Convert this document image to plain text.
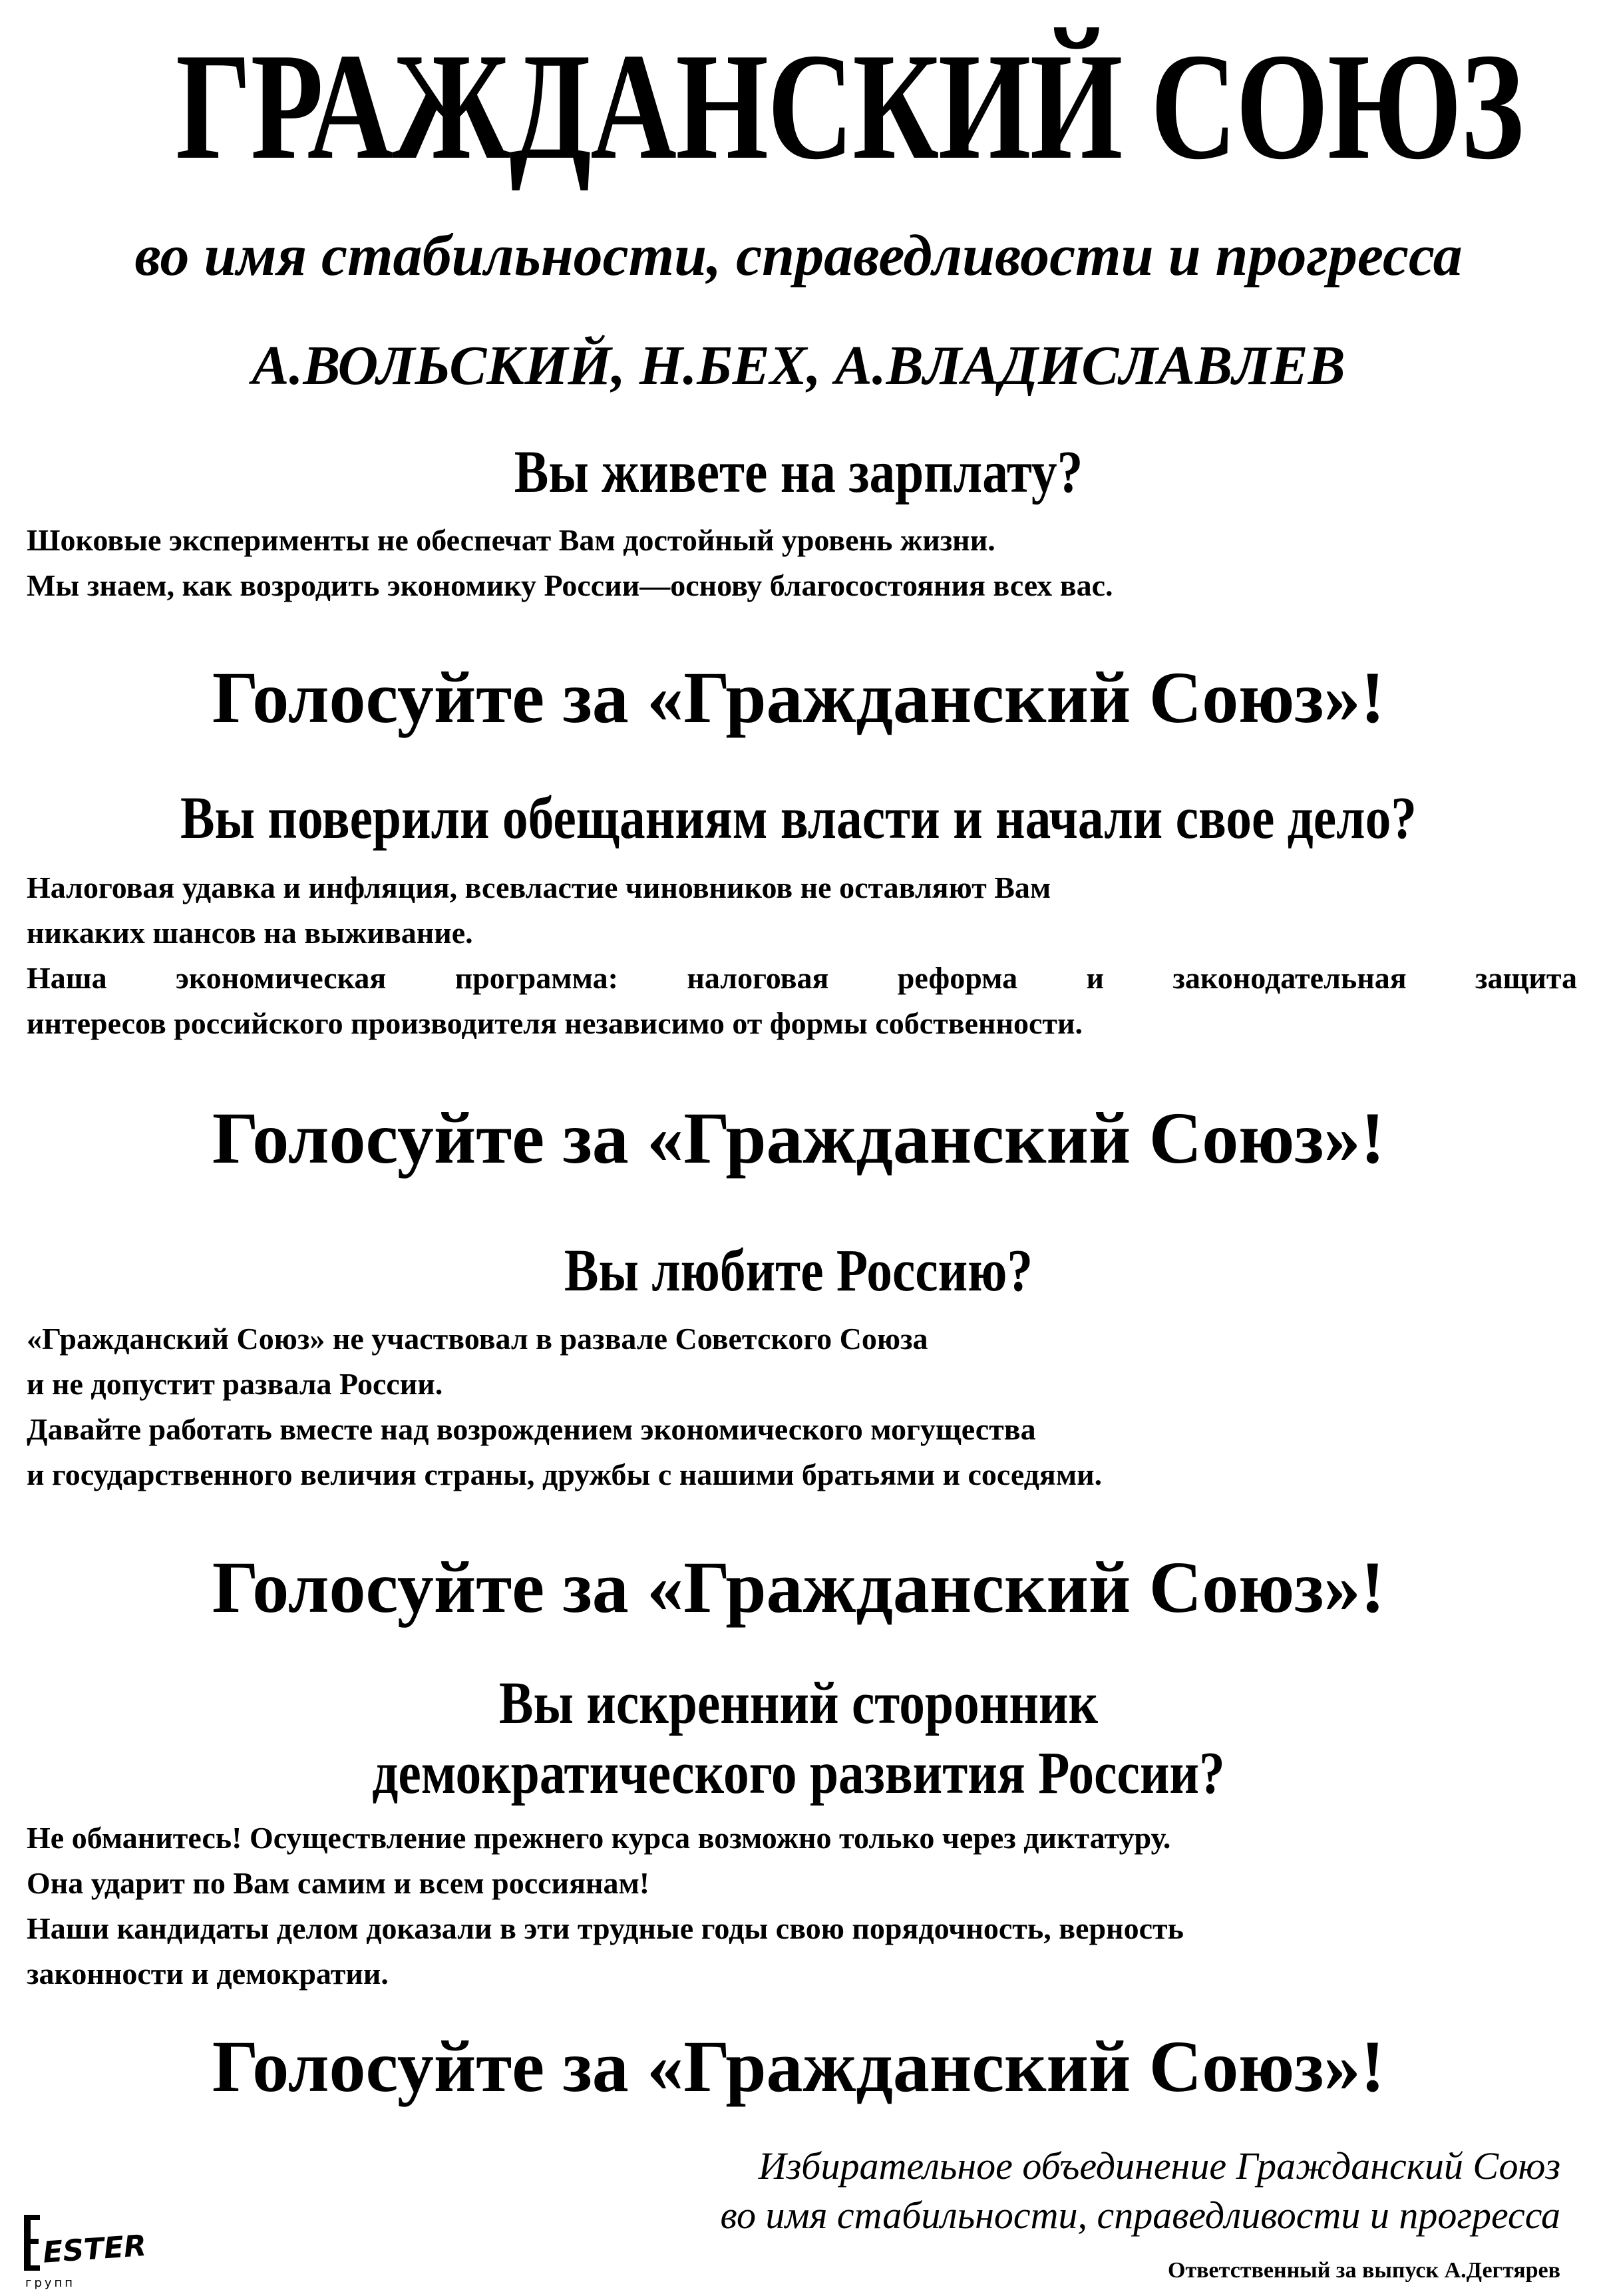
ГРАЖДАНСКИЙ СОЮЗ
во имя стабильности, справедливости и прогресса
А.ВОЛЬСКИЙ, Н.БЕХ, А.ВЛАДИСЛАВЛЕВ
Вы живете на зарплату?

Шоковые эксперименты не обеспечат Вам достойный уровень жизни.

Мы знаем, как возродить экономику России—основу благосостояния всех вас.

Голосуйте за «Гражданский Союз»!
Вы поверили обещаниям власти и начали свое дело?

Налоговая удавка и инфляция, всевластие чиновников не оставляют Вам

никаких шансов на выживание.

Наша экономическая программа: налоговая реформа и законодательная защита

интересов российского производителя независимо от формы собственности.

Голосуйте за «Гражданский Союз»!
Вы любите Россию?

«Гражданский Союз» не участвовал в развале Советского Союза

и не допустит развала России.

Давайте работать вместе над возрождением экономического могущества

и государственного величия страны, дружбы с нашими братьями и соседями.

Голосуйте за «Гражданский Союз»!
Вы искренний сторонник
демократического развития России?

Не обманитесь! Осуществление прежнего курса возможно только через диктатуру.

Она ударит по Вам самим и всем россиянам!

Наши кандидаты делом доказали в эти трудные годы свою порядочность, верность

законности и демократии.

Голосуйте за «Гражданский Союз»!
Избирательное объединение Гражданский Союз
во имя стабильности, справедливости и прогресса
Ответственный за выпуск А.Дегтярев
ESTER
групп
